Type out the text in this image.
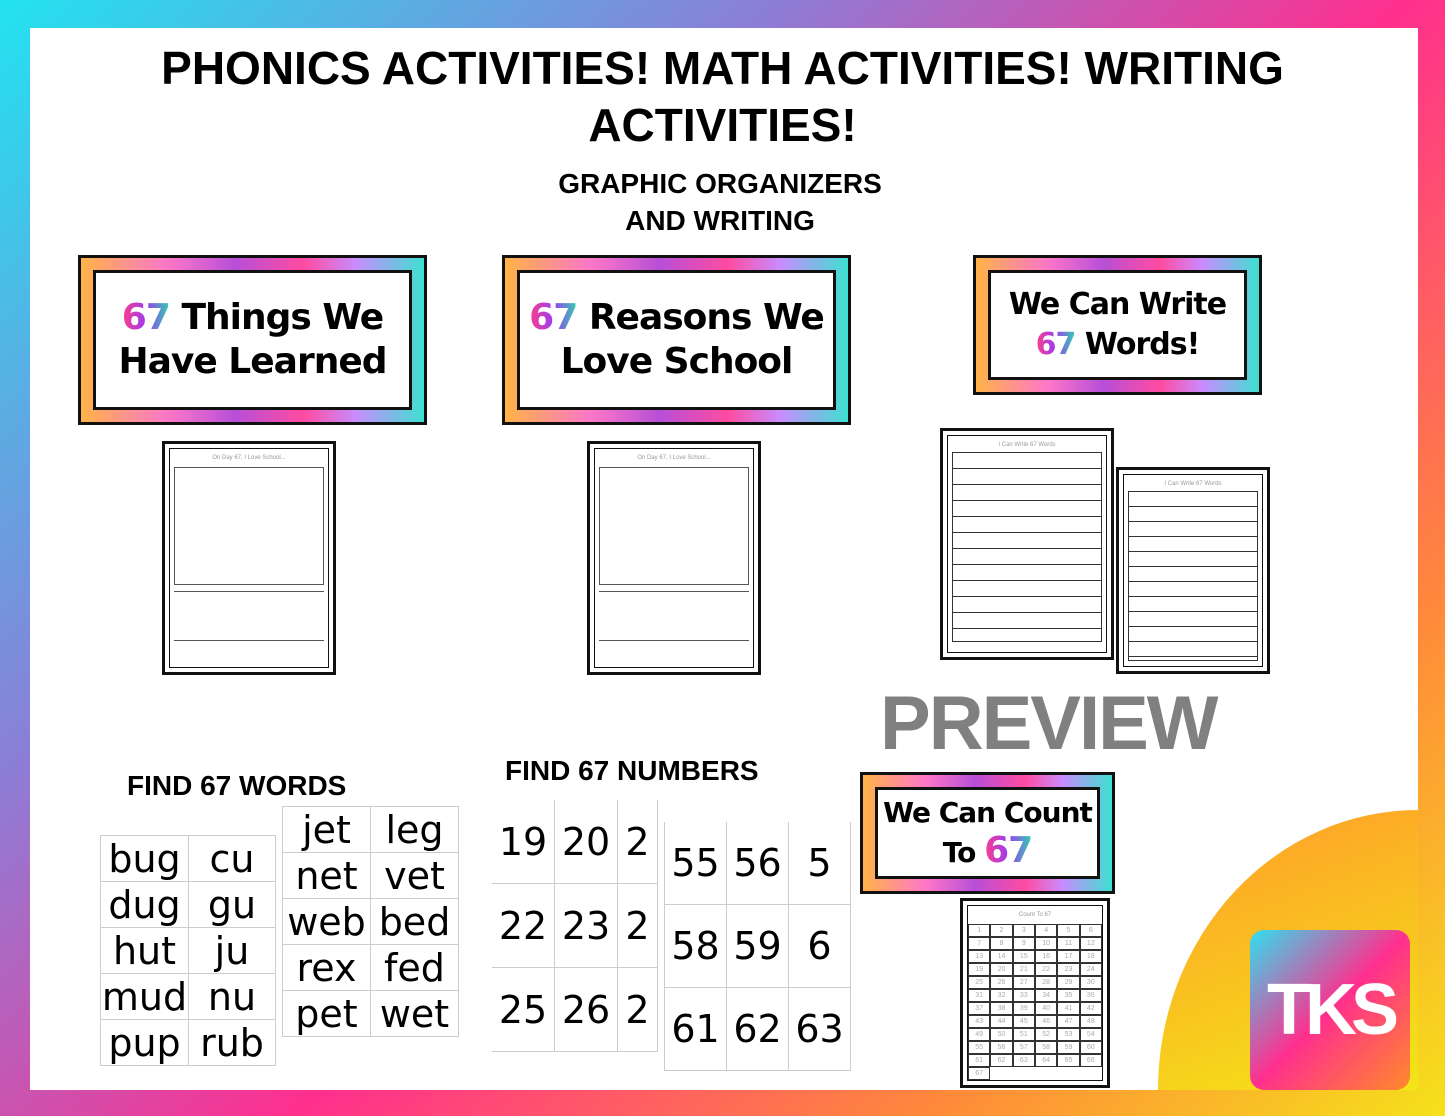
PHONICS ACTIVITIES! MATH ACTIVITIES! WRITING ACTIVITIES!
GRAPHIC ORGANIZERS
AND WRITING
67 Things We
Have Learned
67 Reasons We
Love School
We Can Write
67 Words!
We Can Count
To 67
On Day 67, I Love School...	On Day 67, I Love School...
I Can Write 67 Words
I Can Write 67 Words
Count To 67
1	2	3	4	5	6
7	8	9	10	11	12
13	14	15	16	17	18
19	20	21	22	23	24
25	26	27	28	29	30
31	32	33	34	35	36
37	38	39	40	41	42
43	44	45	46	47	48
49	50	51	52	53	54
55	56	57	58	59	60
61	62	63	64	65	66
67
FIND 67 WORDS
bug cu
dug gu
hut	ju
mud nu
pup rub
jet leg
net vet
web bed
rex fed
pet wet
FIND 67 NUMBERS
19 20 2
22 23 2
25 26 2
55 56 5
58 59 6
61 62 63	TKS
PREVIEW
